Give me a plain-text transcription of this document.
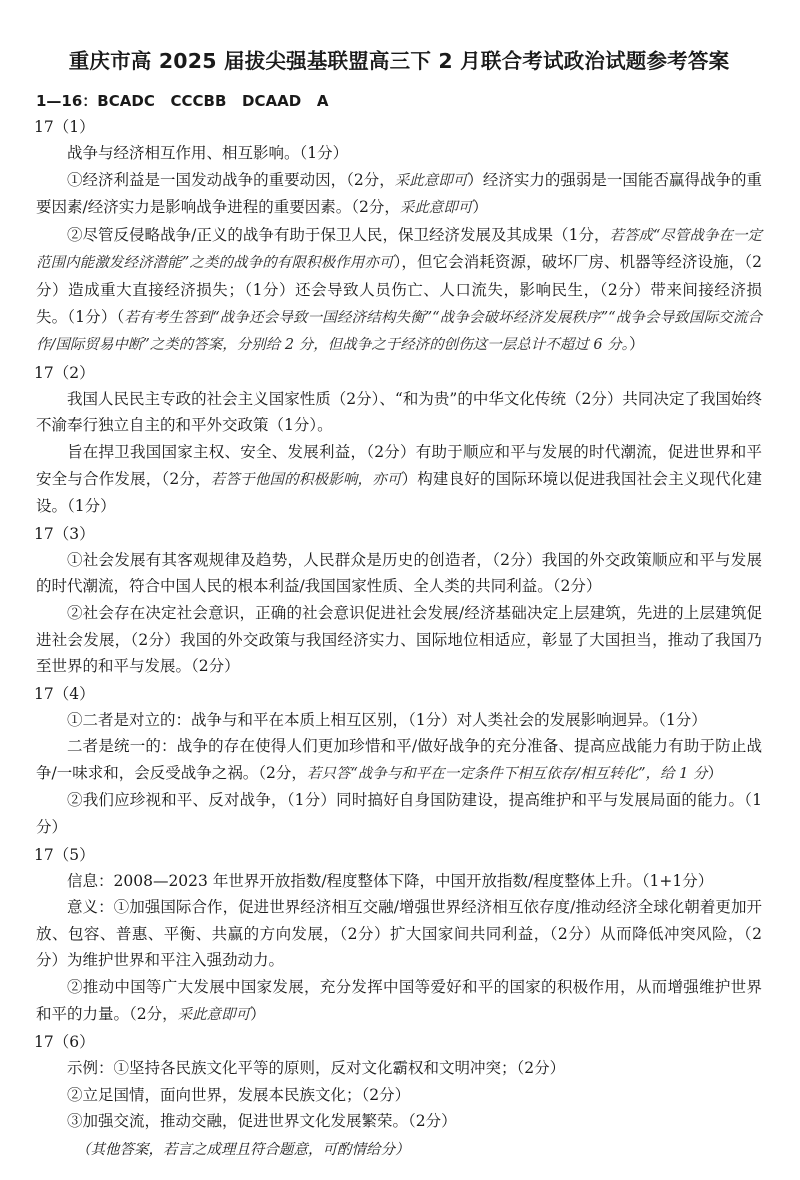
重庆市高 2025 届拔尖强基联盟高三下 2 月联合考试政治试题参考答案
1—16：BCADC   CCCBB   DCAAD   A
17（1）

战争与经济相互作用、相互影响。（1分）

①经济利益是一国发动战争的重要动因，（2分，采此意即可）经济实力的强弱是一国能否赢得战争的重要因素/经济实力是影响战争进程的重要因素。（2分，采此意即可）

②尽管反侵略战争/正义的战争有助于保卫人民，保卫经济发展及其成果（1分，若答成“尽管战争在一定范围内能激发经济潜能”之类的战争的有限积极作用亦可），但它会消耗资源，破坏厂房、机器等经济设施，（2分）造成重大直接经济损失；（1分）还会导致人员伤亡、人口流失，影响民生，（2分）带来间接经济损失。（1分）（若有考生答到“战争还会导致一国经济结构失衡”“战争会破坏经济发展秩序”“战争会导致国际交流合作/国际贸易中断”之类的答案，分别给 2 分，但战争之于经济的创伤这一层总计不超过 6 分。）

17（2）

我国人民民主专政的社会主义国家性质（2分）、“和为贵”的中华文化传统（2分）共同决定了我国始终不渝奉行独立自主的和平外交政策（1分）。

旨在捍卫我国国家主权、安全、发展利益，（2分）有助于顺应和平与发展的时代潮流，促进世界和平安全与合作发展，（2分，若答于他国的积极影响，亦可）构建良好的国际环境以促进我国社会主义现代化建设。（1分）

17（3）

①社会发展有其客观规律及趋势，人民群众是历史的创造者，（2分）我国的外交政策顺应和平与发展的时代潮流，符合中国人民的根本利益/我国国家性质、全人类的共同利益。（2分）

②社会存在决定社会意识，正确的社会意识促进社会发展/经济基础决定上层建筑，先进的上层建筑促进社会发展，（2分）我国的外交政策与我国经济实力、国际地位相适应，彰显了大国担当，推动了我国乃至世界的和平与发展。（2分）

17（4）

①二者是对立的：战争与和平在本质上相互区别，（1分）对人类社会的发展影响迥异。（1分）

二者是统一的：战争的存在使得人们更加珍惜和平/做好战争的充分准备、提高应战能力有助于防止战争/一味求和，会反受战争之祸。（2分，若只答“战争与和平在一定条件下相互依存/相互转化”，给 1 分）

②我们应珍视和平、反对战争，（1分）同时搞好自身国防建设，提高维护和平与发展局面的能力。（1分）

17（5）

信息：2008—2023 年世界开放指数/程度整体下降，中国开放指数/程度整体上升。（1+1分）

意义：①加强国际合作，促进世界经济相互交融/增强世界经济相互依存度/推动经济全球化朝着更加开放、包容、普惠、平衡、共赢的方向发展，（2分）扩大国家间共同利益，（2分）从而降低冲突风险，（2分）为维护世界和平注入强劲动力。

②推动中国等广大发展中国家发展，充分发挥中国等爱好和平的国家的积极作用，从而增强维护世界和平的力量。（2分，采此意即可）

17（6）

示例：①坚持各民族文化平等的原则，反对文化霸权和文明冲突；（2分）

②立足国情，面向世界，发展本民族文化；（2分）

③加强交流，推动交融，促进世界文化发展繁荣。（2分）

（其他答案，若言之成理且符合题意，可酌情给分）
